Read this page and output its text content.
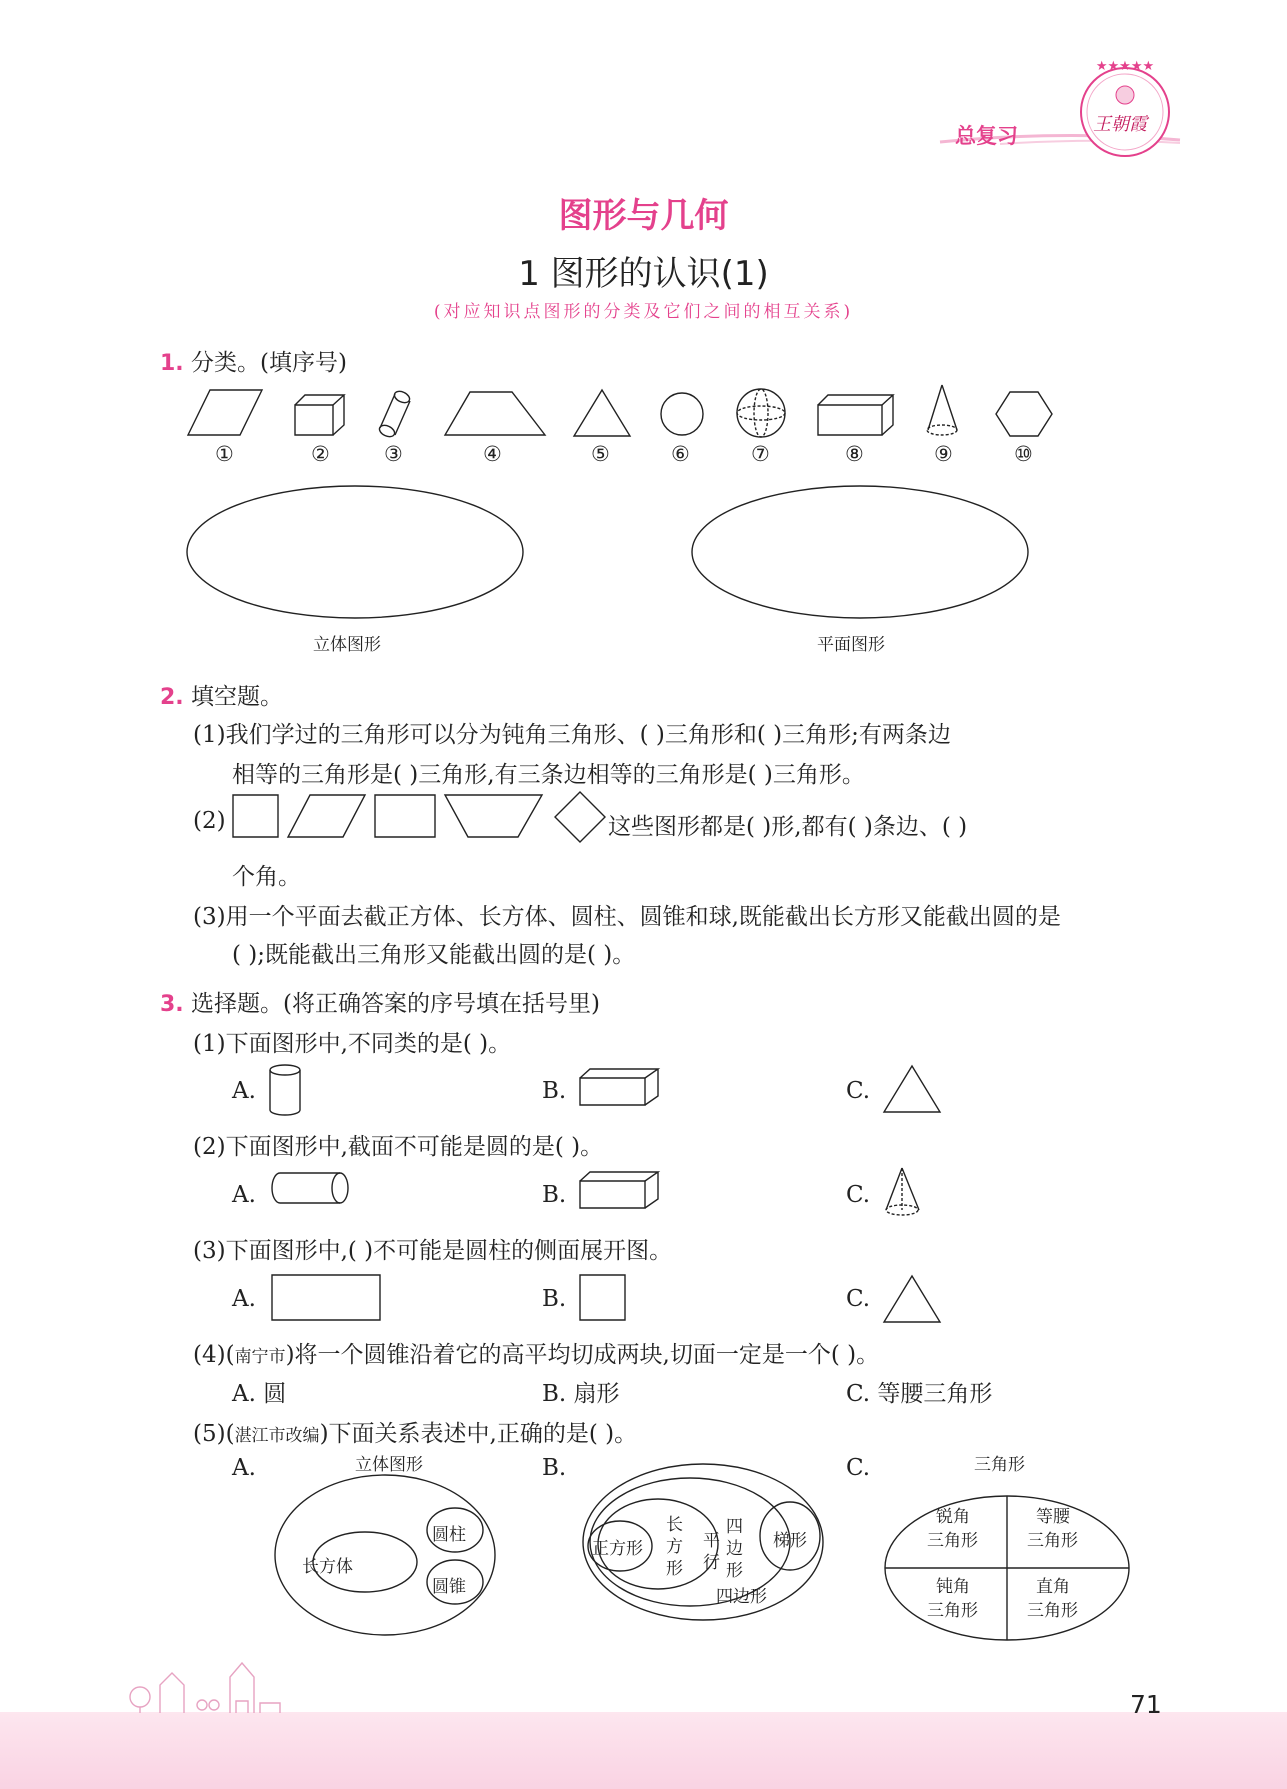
总复习
★★★★★
王朝霞
图形与几何
1 图形的认识(1)
(对应知识点图形的分类及它们之间的相互关系)
1. 分类。(填序号)
①	②	③	④	⑤	⑥	⑦	⑧	⑨	⑩
立体图形	平面图形
2. 填空题。
(1)我们学过的三角形可以分为钝角三角形、( )三角形和( )三角形;有两条边
相等的三角形是( )三角形,有三条边相等的三角形是( )三角形。
(2)	这些图形都是( )形,都有( )条边、( )
个角。
(3)用一个平面去截正方体、长方体、圆柱、圆锥和球,既能截出长方形又能截出圆的是
( );既能截出三角形又能截出圆的是( )。
3. 选择题。(将正确答案的序号填在括号里)
(1)下面图形中,不同类的是( )。
A.	B.	C.
(2)下面图形中,截面不可能是圆的是( )。
A.	B.	C.
(3)下面图形中,( )不可能是圆柱的侧面展开图。
A.	B.	C.
(4)(南宁市)将一个圆锥沿着它的高平均切成两块,切面一定是一个( )。
A. 圆	B. 扇形	C. 等腰三角形
(5)(湛江市改编)下面关系表述中,正确的是( )。
A.	B.	C.
立体图形
长方体
圆柱
圆锥
正方形
长
方
形
平
行
四
边
形
梯形
四边形
三角形
锐角
三角形
等腰
三角形
钝角
三角形
直角
三角形
71
